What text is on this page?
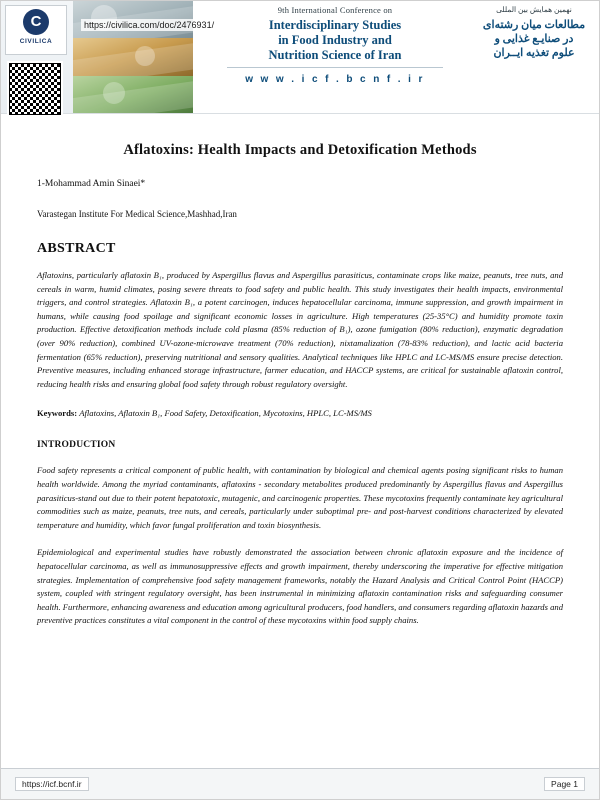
9th International Conference on
Interdisciplinary Studies
in Food Industry and
Nutrition Science of Iran
w w w . i c f . b c n f . i r
نهمین همایش بین المللی
مطالعات میان رشته‌ای
در صنایـع غذایی و
علوم تغذیه ایــران
C
CIVILICA
https://civilica.com/doc/2476931/
Aflatoxins: Health Impacts and Detoxification Methods

1-Mohammad Amin Sinaei*

Varastegan Institute For Medical Science,Mashhad,Iran

ABSTRACT

Aflatoxins, particularly aflatoxin B₁, produced by Aspergillus flavus and Aspergillus parasiticus, contaminate crops like maize, peanuts, tree nuts, and cereals in warm, humid climates, posing severe threats to food safety and public health. This study investigates their health impacts, environmental triggers, and control strategies. Aflatoxin B₁, a potent carcinogen, induces hepatocellular carcinoma, immune suppression, and growth impairment in humans, while causing food spoilage and significant economic losses in agriculture. High temperatures (25-35°C) and humidity promote toxin production. Effective detoxification methods include cold plasma (85% reduction of B₁), ozone fumigation (80% reduction), enzymatic degradation (over 90% reduction), combined UV-ozone-microwave treatment (70% reduction), nixtamalization (78-83% reduction), and lactic acid bacteria fermentation (65% reduction), preserving nutritional and sensory qualities. Analytical techniques like HPLC and LC-MS/MS ensure precise detection. Preventive measures, including enhanced storage infrastructure, farmer education, and HACCP systems, are critical for sustainable aflatoxin control, reducing health risks and ensuring global food safety through robust regulatory oversight.

Keywords: Aflatoxins, Aflatoxin B₁, Food Safety, Detoxification, Mycotoxins, HPLC, LC-MS/MS

INTRODUCTION

Food safety represents a critical component of public health, with contamination by biological and chemical agents posing significant risks to human health worldwide. Among the myriad contaminants, aflatoxins - secondary metabolites produced predominantly by Aspergillus flavus and Aspergillus parasiticus-stand out due to their potent hepatotoxic, mutagenic, and carcinogenic properties. These mycotoxins frequently contaminate key agricultural commodities such as maize, peanuts, tree nuts, and cereals, particularly under suboptimal pre- and post-harvest conditions characterized by elevated temperature and humidity, which favor fungal proliferation and toxin biosynthesis.

Epidemiological and experimental studies have robustly demonstrated the association between chronic aflatoxin exposure and the incidence of hepatocellular carcinoma, as well as immunosuppressive effects and growth impairment, thereby underscoring the imperative for effective mitigation strategies. Implementation of comprehensive food safety management frameworks, notably the Hazard Analysis and Critical Control Point (HACCP) system, coupled with stringent regulatory oversight, has been instrumental in minimizing aflatoxin contamination risks and safeguarding consumer health. Furthermore, enhancing awareness and education among agricultural producers, food handlers, and consumers regarding aflatoxin hazards and preventive practices constitutes a vital component in the control of these mycotoxins within food supply chains.

https://icf.bcnf.ir	Page 1
